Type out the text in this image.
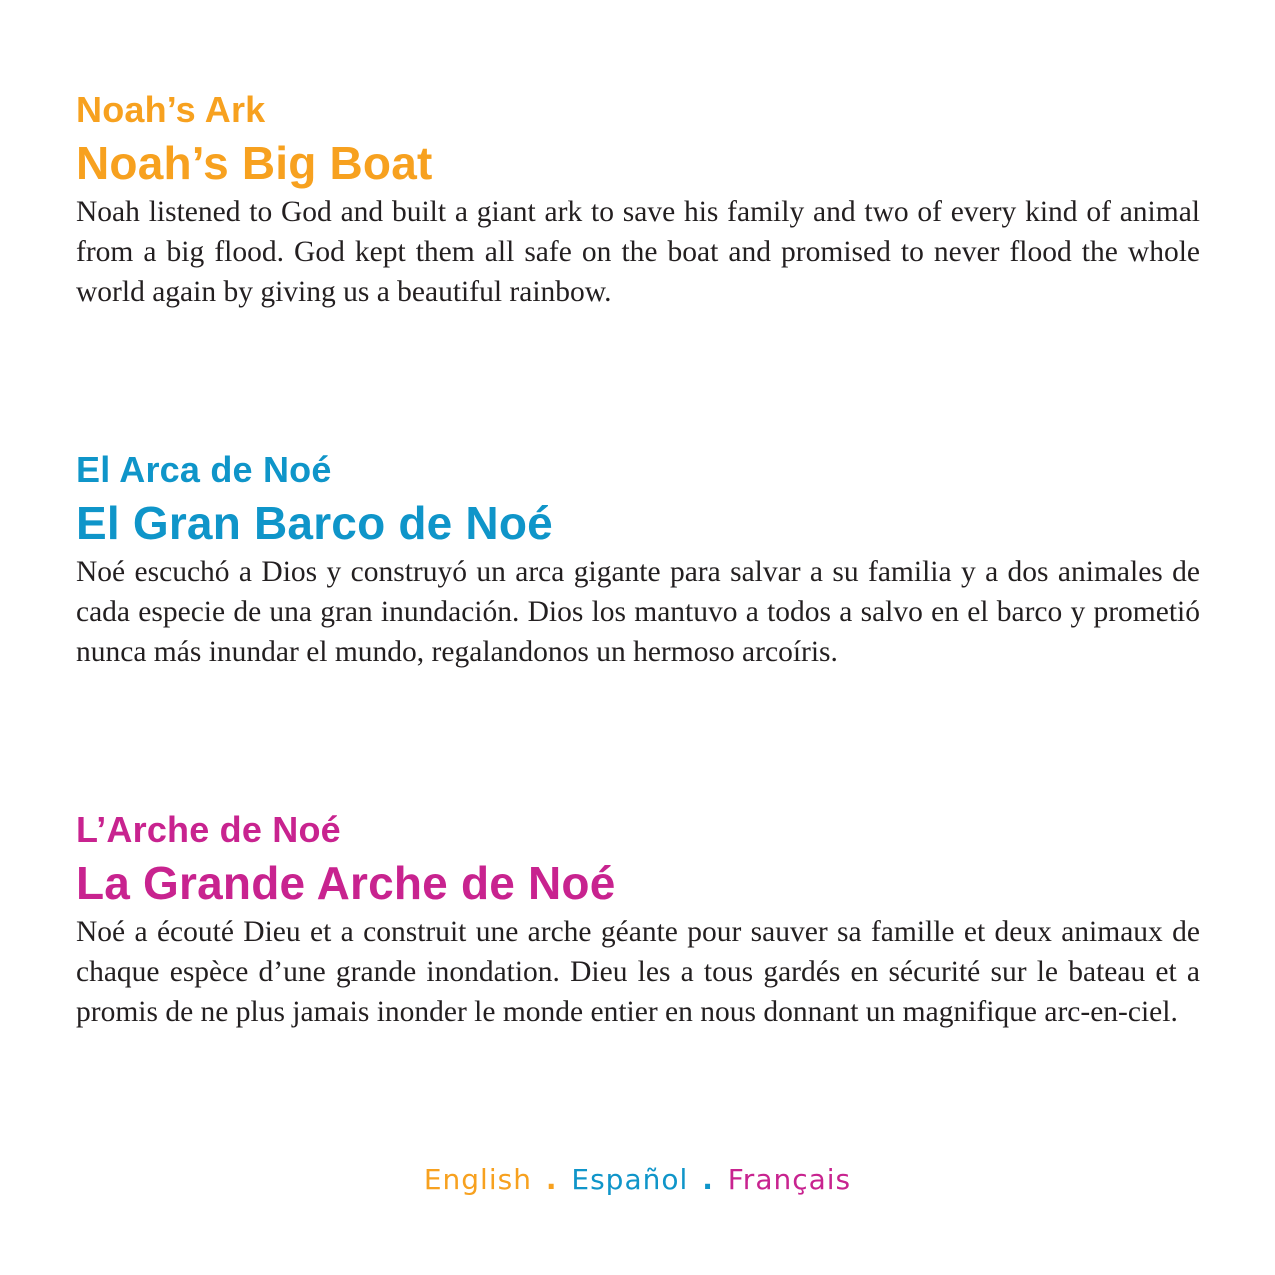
Noah’s Ark
Noah’s Big Boat

Noah listened to God and built a giant ark to save his family and two of every kind of animal from a big flood. God kept them all safe on the boat and promised to never flood the whole world again by giving us a beautiful rainbow.

El Arca de Noé
El Gran Barco de Noé

Noé escuchó a Dios y construyó un arca gigante para salvar a su familia y a dos animales de cada especie de una gran inundación. Dios los mantuvo a todos a salvo en el barco y prometió nunca más inundar el mundo, regalandonos un hermoso arcoíris.

L’Arche de Noé
La Grande Arche de Noé

Noé a écouté Dieu et a construit une arche géante pour sauver sa famille et deux animaux de chaque espèce d’une grande inondation. Dieu les a tous gardés en sécurité sur le bateau et a promis de ne plus jamais inonder le monde entier en nous donnant un magnifique arc-en-ciel.

English . Español . Français
